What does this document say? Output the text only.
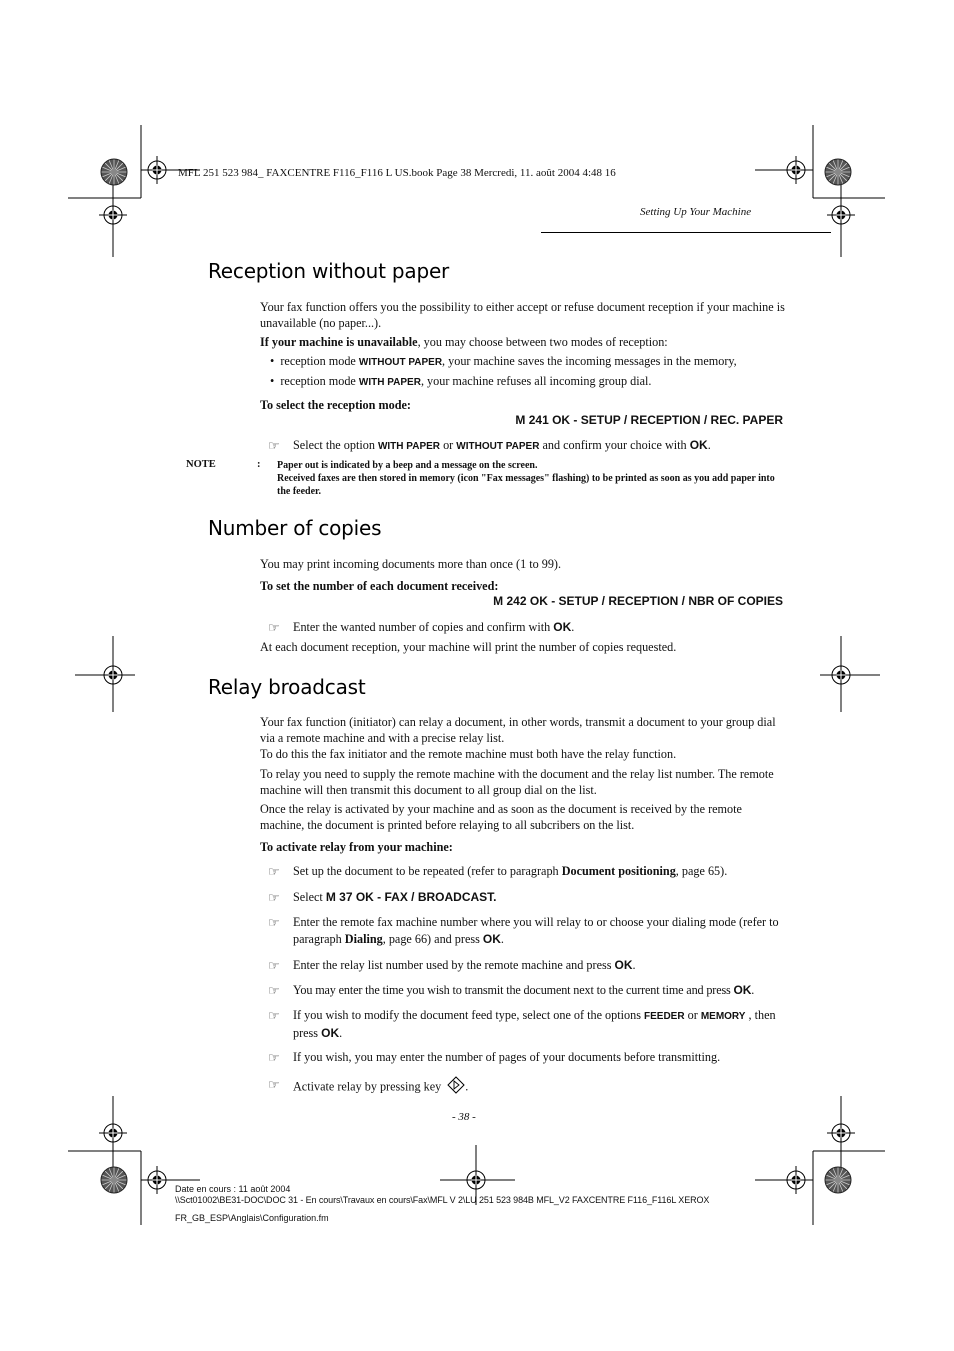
MFL 251 523 984_ FAXCENTRE F116_F116 L US.book Page 38 Mercredi, 11. août 2004 4:48 16
Setting Up Your Machine
Reception without paper

Your fax function offers you the possibility to either accept or refuse document reception if your machine is unavailable (no paper...).

If your machine is unavailable, you may choose between two modes of reception:

•  reception mode WITHOUT PAPER, your machine saves the incoming messages in the memory,
•  reception mode WITH PAPER, your machine refuses all incoming group dial.

To select the reception mode:

M 241 OK - SETUP / RECEPTION / REC. PAPER
☞	Select the option WITH PAPER or WITHOUT PAPER and confirm your choice with OK.
NOTE	: Paper out is indicated by a beep and a message on the screen.
Received faxes are then stored in memory (icon "Fax messages" flashing) to be printed as soon as you add paper into the feeder.
Number of copies

You may print incoming documents more than once (1 to 99).

To set the number of each document received:

M 242 OK - SETUP / RECEPTION / NBR OF COPIES
☞	Enter the wanted number of copies and confirm with OK.

At each document reception, your machine will print the number of copies requested.

Relay broadcast

Your fax function (initiator) can relay a document, in other words, transmit a document to your group dial via a remote machine and with a precise relay list.

To do this the fax initiator and the remote machine must both have the relay function.

To relay you need to supply the remote machine with the document and the relay list number. The remote machine will then transmit this document to all group dial on the list.

Once the relay is activated by your machine and as soon as the document is received by the remote machine, the document is printed before relaying to all subcribers on the list.

To activate relay from your machine:

☞	Set up the document to be repeated (refer to paragraph Document positioning, page 65).
☞	Select M 37 OK - FAX / BROADCAST.
☞	Enter the remote fax machine number where you will relay to or choose your dialing mode (refer to paragraph Dialing, page 66) and press OK.
☞	Enter the relay list number used by the remote machine and press OK.
☞	You may enter the time you wish to transmit the document next to the current time and press OK.
☞	If you wish to modify the document feed type, select one of the options FEEDER or MEMORY , then press OK.
☞	If you wish, you may enter the number of pages of your documents before transmitting.
☞	Activate relay by pressing key .
- 38 -
Date en cours : 11 août 2004
\\Sct01002\BE31-DOC\DOC 31 - En cours\Travaux en cours\Fax\MFL V 2\LU 251 523 984B MFL_V2 FAXCENTRE F116_F116L XEROX
FR_GB_ESP\Anglais\Configuration.fm
